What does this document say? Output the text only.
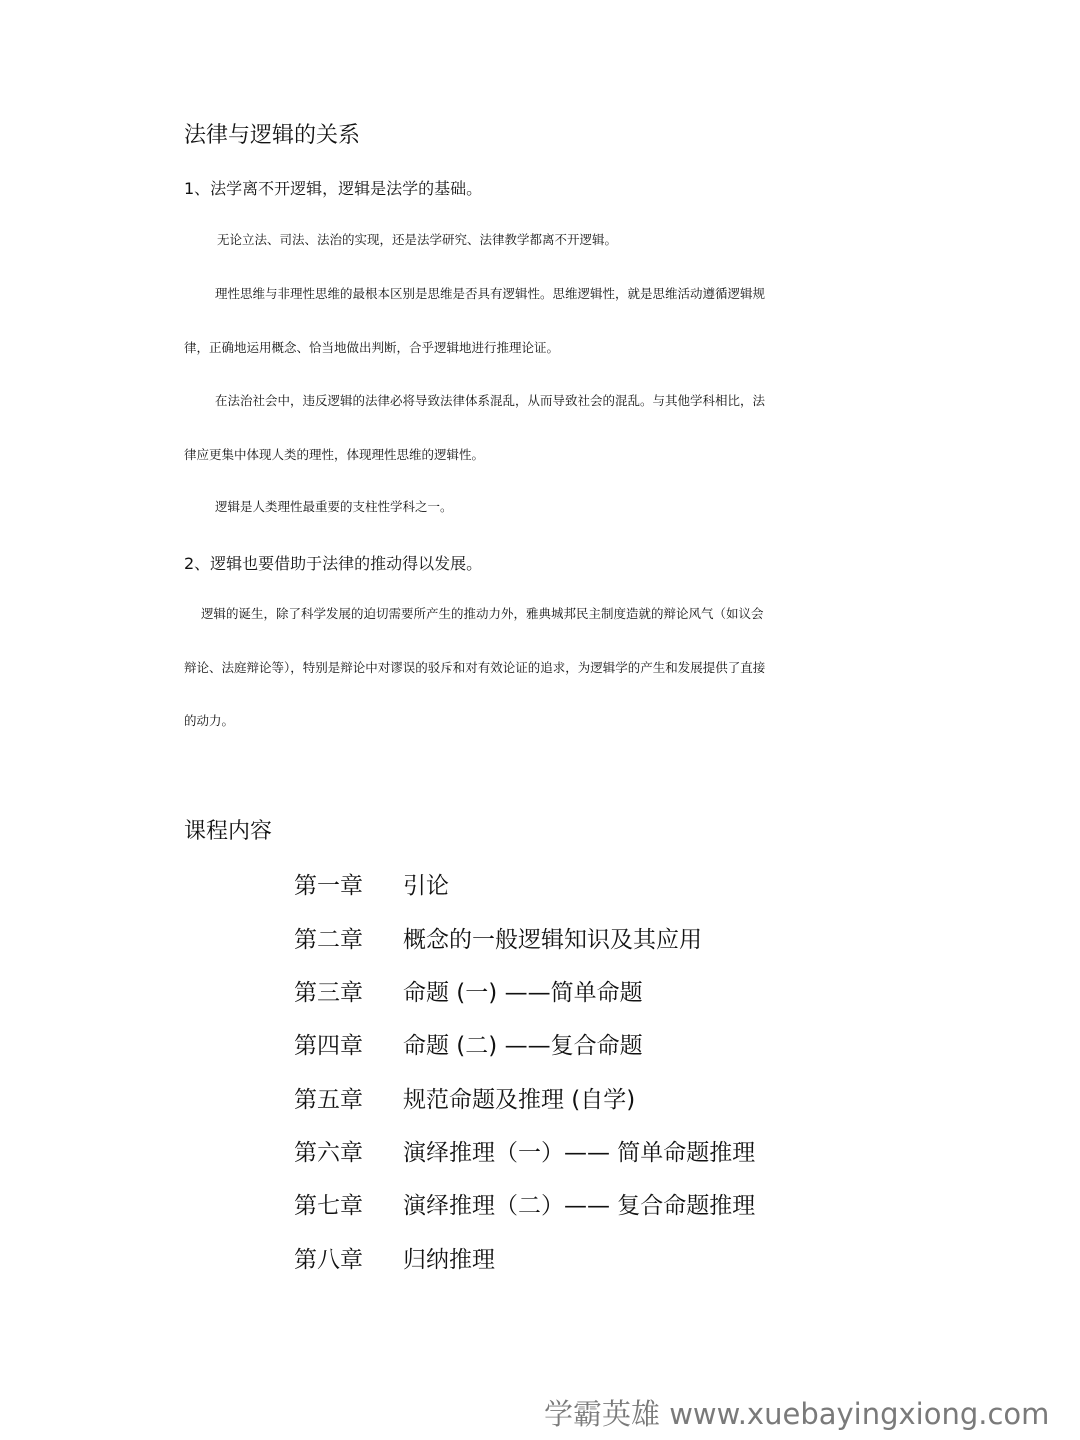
法律与逻辑的关系
1、法学离不开逻辑，逻辑是法学的基础。
无论立法、司法、法治的实现，还是法学研究、法律教学都离不开逻辑。
理性思维与非理性思维的最根本区别是思维是否具有逻辑性。思维逻辑性，就是思维活动遵循逻辑规
律，正确地运用概念、恰当地做出判断，合乎逻辑地进行推理论证。
在法治社会中，违反逻辑的法律必将导致法律体系混乱，从而导致社会的混乱。与其他学科相比，法
律应更集中体现人类的理性，体现理性思维的逻辑性。
逻辑是人类理性最重要的支柱性学科之一。
2、逻辑也要借助于法律的推动得以发展。
逻辑的诞生，除了科学发展的迫切需要所产生的推动力外，雅典城邦民主制度造就的辩论风气（如议会
辩论、法庭辩论等），特别是辩论中对谬误的驳斥和对有效论证的追求，为逻辑学的产生和发展提供了直接
的动力。
课程内容
第一章 引论
第二章 概念的一般逻辑知识及其应用
第三章 命题 (一) ——简单命题
第四章 命题 (二) ——复合命题
第五章 规范命题及推理 (自学)
第六章 演绎推理（一）—— 简单命题推理
第七章 演绎推理（二）—— 复合命题推理
第八章 归纳推理
学霸英雄 www.xuebayingxiong.com
